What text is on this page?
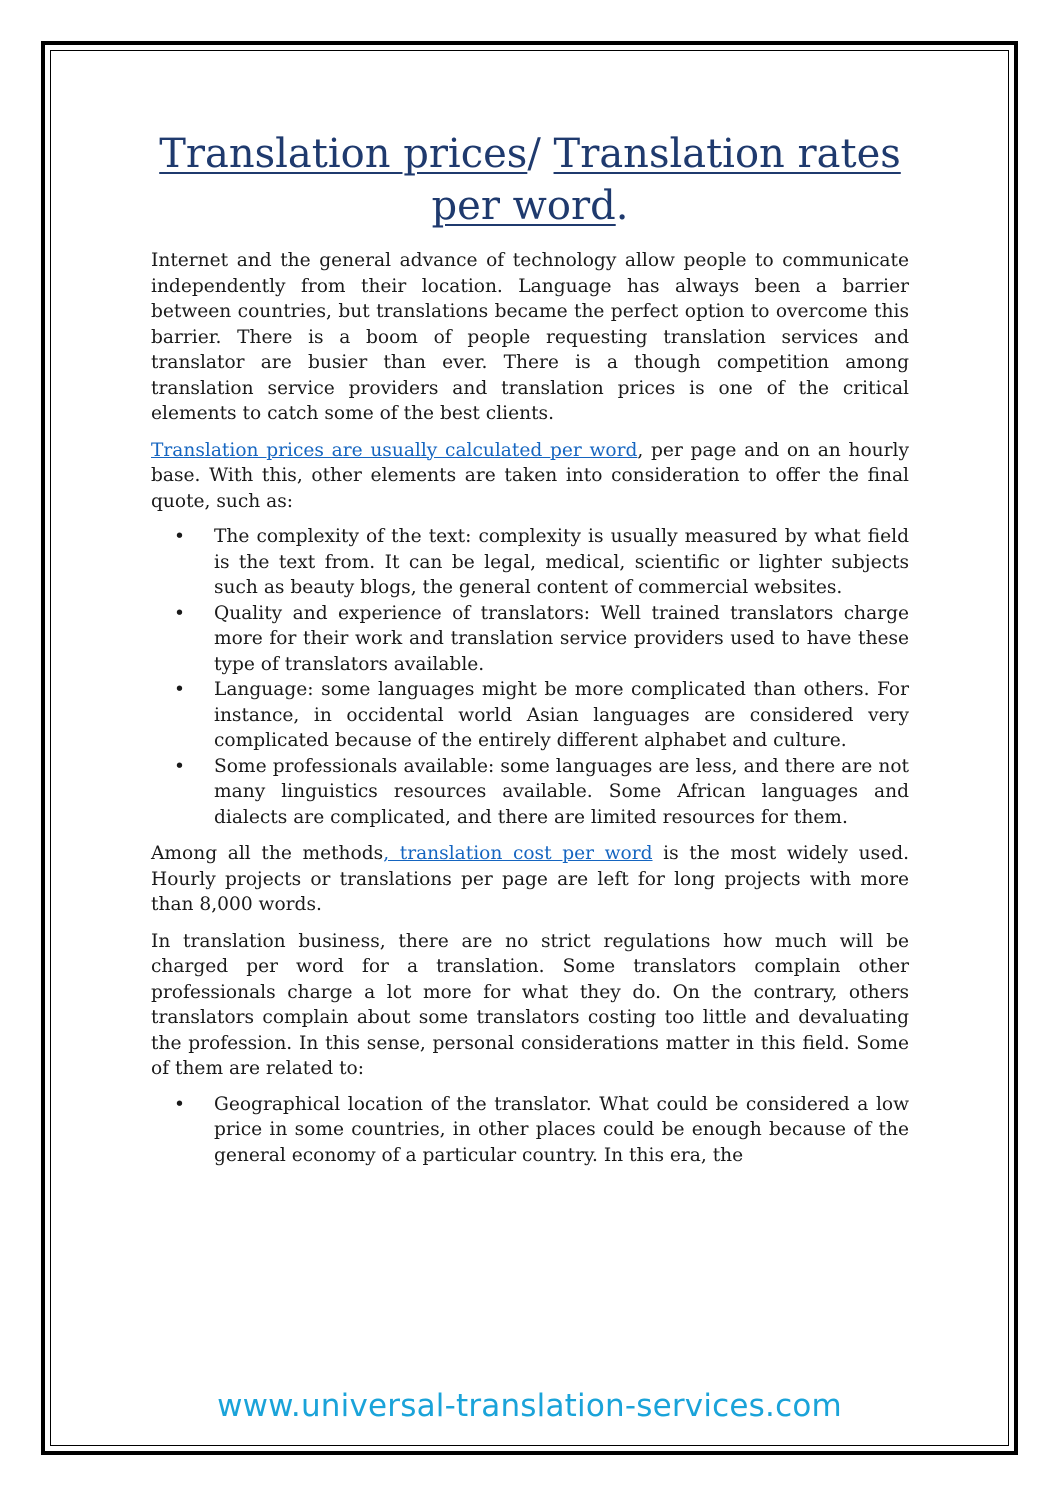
Translation prices/ Translation rates per word.

Internet and the general advance of technology allow people to communicate independently from their location. Language has always been a barrier between countries, but translations became the perfect option to overcome this barrier. There is a boom of people requesting translation services and translator are busier than ever. There is a though competition among translation service providers and translation prices is one of the critical elements to catch some of the best clients.

Translation prices are usually calculated per word, per page and on an hourly base. With this, other elements are taken into consideration to offer the final quote, such as:

• The complexity of the text: complexity is usually measured by what field is the text from. It can be legal, medical, scientific or lighter subjects such as beauty blogs, the general content of commercial websites.
• Quality and experience of translators: Well trained translators charge more for their work and translation service providers used to have these type of translators available.
• Language: some languages might be more complicated than others. For instance, in occidental world Asian languages are considered very complicated because of the entirely different alphabet and culture.
• Some professionals available: some languages are less, and there are not many linguistics resources available. Some African languages and dialects are complicated, and there are limited resources for them.

Among all the methods, translation cost per word is the most widely used. Hourly projects or translations per page are left for long projects with more than 8,000 words.

In translation business, there are no strict regulations how much will be charged per word for a translation. Some translators complain other professionals charge a lot more for what they do. On the contrary, others translators complain about some translators costing too little and devaluating the profession. In this sense, personal considerations matter in this field. Some of them are related to:

• Geographical location of the translator. What could be considered a low price in some countries, in other places could be enough because of the general economy of a particular country. In this era, the
www.universal-translation-services.com
